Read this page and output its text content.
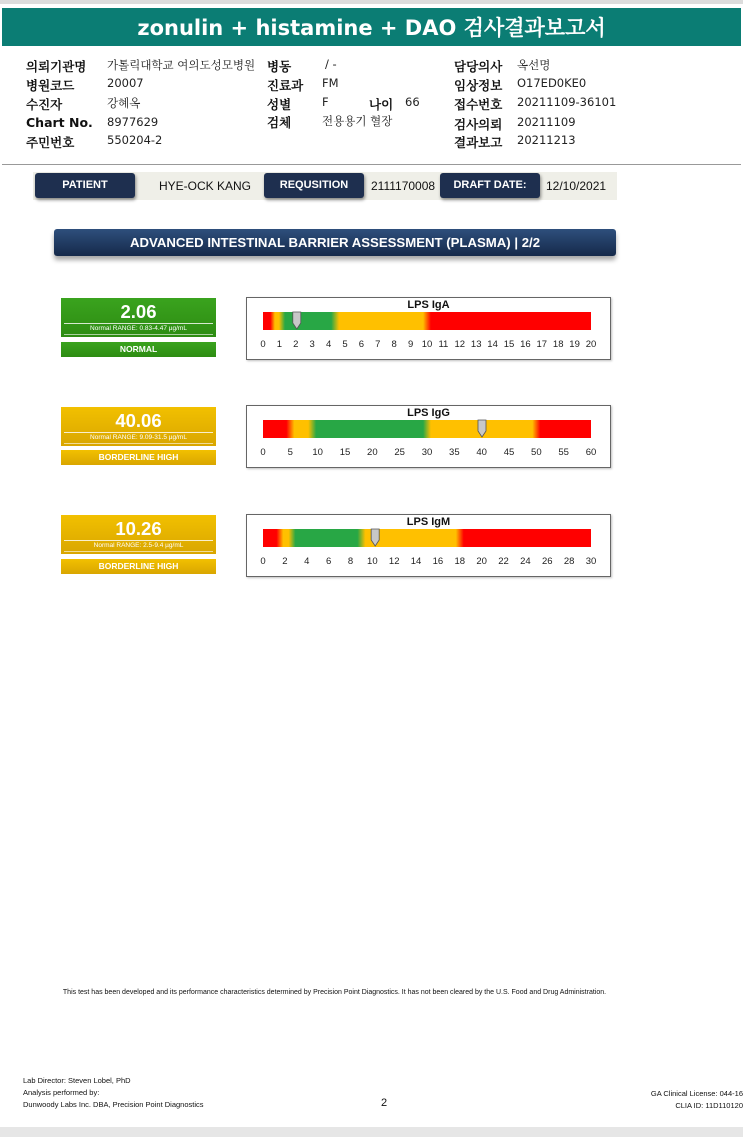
zonulin + histamine + DAO 검사결과보고서
의뢰기관명 가톨릭대학교 여의도성모병원 병동	/ -	담당의사 옥선명
병원코드	20007	진료과 FM	임상정보 O17ED0KE0
수진자	강혜옥	성별	F	나이 66	접수번호 20211109-36101
Chart No. 8977629	검체	전용용기 혈장	검사의뢰 20211109
주민번호	550204-2	결과보고 20211213
PATIENT	HYE-OCK KANG	REQUSITION	2111170008	DRAFT DATE:	12/10/2021
ADVANCED INTESTINAL BARRIER ASSESSMENT (PLASMA) | 2/2
2.06
Normal RANGE: 0.83-4.47 µg/mL
NORMAL
LPS IgA
0 1 2 3 4 5 6 7 8 9 10 11 12 13 14 15 16 17 18 19 20
40.06
Normal RANGE: 9.09-31.5 µg/mL
BORDERLINE HIGH
LPS IgG
0 5 10 15 20 25 30 35 40 45 50 55 60
10.26
Normal RANGE: 2.5-9.4 µg/mL
BORDERLINE HIGH
LPS IgM
0 2 4 6 8 10 12 14 16 18 20 22 24 26 28 30
This test has been developed and its performance characteristics determined by Precision Point Diagnostics. It has not been cleared by the U.S. Food and Drug Administration.
Lab Director: Steven Lobel, PhD
Analysis performed by:
Dunwoody Labs Inc. DBA, Precision Point Diagnostics	2
GA Clinical License: 044-16
CLIA ID: 11D110120
